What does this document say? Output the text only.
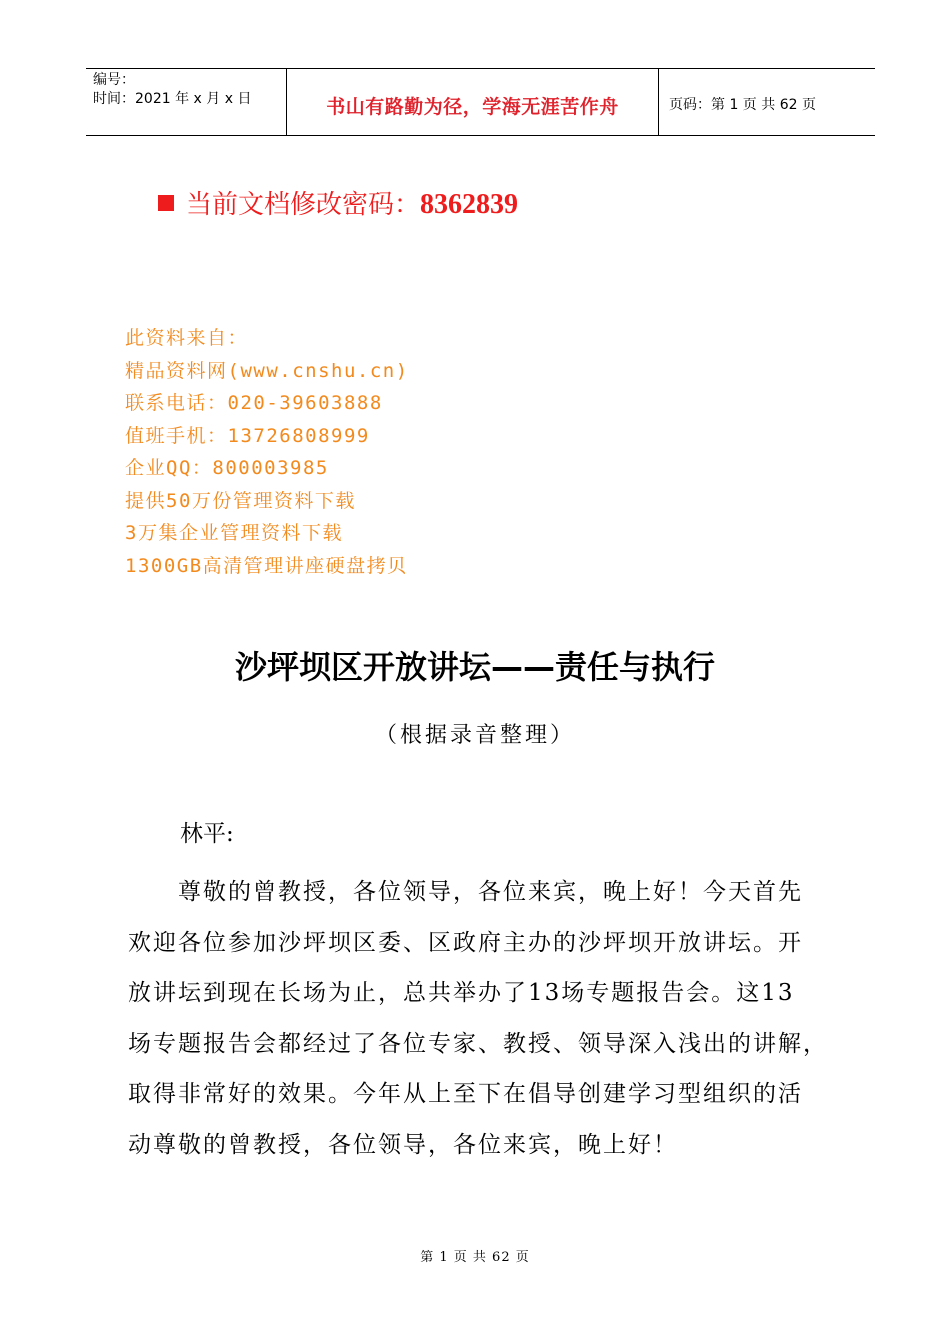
编号：
时间：2021 年 x 月 x 日	书山有路勤为径，学海无涯苦作舟	页码：第 1 页 共 62 页
当前文档修改密码：8362839
此资料来自：
精品资料网(www.cnshu.cn)
联系电话：020-39603888
值班手机：13726808999
企业QQ：800003985
提供50万份管理资料下载
3万集企业管理资料下载
1300GB高清管理讲座硬盘拷贝
沙坪坝区开放讲坛——责任与执行
（根据录音整理）
林平:
尊敬的曾教授，各位领导，各位来宾，晚上好！今天首先
欢迎各位参加沙坪坝区委、区政府主办的沙坪坝开放讲坛。开
放讲坛到现在长场为止，总共举办了13场专题报告会。这13
场专题报告会都经过了各位专家、教授、领导深入浅出的讲解，
取得非常好的效果。今年从上至下在倡导创建学习型组织的活
动尊敬的曾教授，各位领导，各位来宾，晚上好！
第 1 页 共 62 页
